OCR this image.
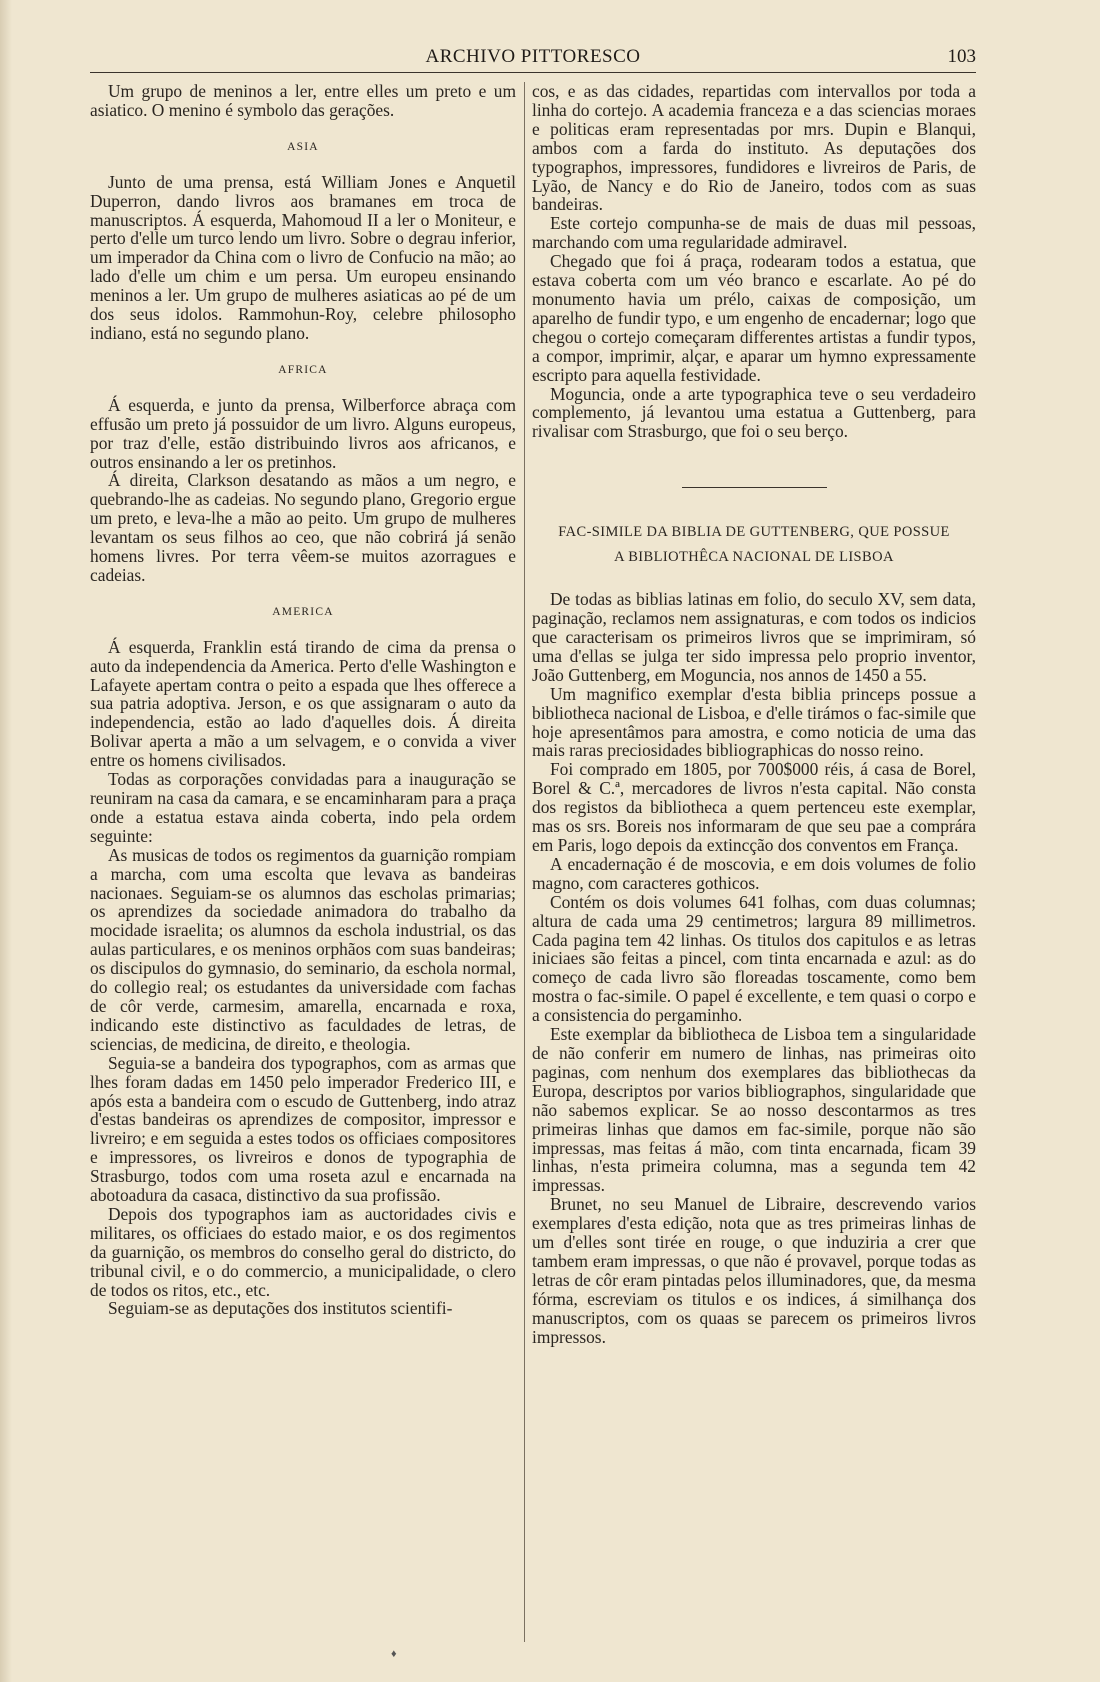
ARCHIVO PITTORESCO	103

Um grupo de meninos a ler, entre elles um preto e um asiatico. O menino é symbolo das gerações.

ASIA

Junto de uma prensa, está William Jones e Anquetil Duperron, dando livros aos bramanes em troca de manuscriptos. Á esquerda, Mahomoud II a ler o Moniteur, e perto d'elle um turco lendo um livro. Sobre o degrau inferior, um imperador da China com o livro de Confucio na mão; ao lado d'elle um chim e um persa. Um europeu ensinando meninos a ler. Um grupo de mulheres asiaticas ao pé de um dos seus idolos. Rammohun-Roy, celebre philosopho indiano, está no segundo plano.

AFRICA

Á esquerda, e junto da prensa, Wilberforce abraça com effusão um preto já possuidor de um livro. Alguns europeus, por traz d'elle, estão distribuindo livros aos africanos, e outros ensinando a ler os pretinhos.

Á direita, Clarkson desatando as mãos a um negro, e quebrando-lhe as cadeias. No segundo plano, Gregorio ergue um preto, e leva-lhe a mão ao peito. Um grupo de mulheres levantam os seus filhos ao ceo, que não cobrirá já senão homens livres. Por terra vêem-se muitos azorragues e cadeias.

AMERICA

Á esquerda, Franklin está tirando de cima da prensa o auto da independencia da America. Perto d'elle Washington e Lafayete apertam contra o peito a espada que lhes offerece a sua patria adoptiva. Jerson, e os que assignaram o auto da independencia, estão ao lado d'aquelles dois. Á direita Bolivar aperta a mão a um selvagem, e o convida a viver entre os homens civilisados.

Todas as corporações convidadas para a inauguração se reuniram na casa da camara, e se encaminharam para a praça onde a estatua estava ainda coberta, indo pela ordem seguinte:

As musicas de todos os regimentos da guarnição rompiam a marcha, com uma escolta que levava as bandeiras nacionaes. Seguiam-se os alumnos das escholas primarias; os aprendizes da sociedade animadora do trabalho da mocidade israelita; os alumnos da eschola industrial, os das aulas particulares, e os meninos orphãos com suas bandeiras; os discipulos do gymnasio, do seminario, da eschola normal, do collegio real; os estudantes da universidade com fachas de côr verde, carmesim, amarella, encarnada e roxa, indicando este distinctivo as faculdades de letras, de sciencias, de medicina, de direito, e theologia.

Seguia-se a bandeira dos typographos, com as armas que lhes foram dadas em 1450 pelo imperador Frederico III, e após esta a bandeira com o escudo de Guttenberg, indo atraz d'estas bandeiras os aprendizes de compositor, impressor e livreiro; e em seguida a estes todos os officiaes compositores e impressores, os livreiros e donos de typographia de Strasburgo, todos com uma roseta azul e encarnada na abotoadura da casaca, distinctivo da sua profissão.

Depois dos typographos iam as auctoridades civis e militares, os officiaes do estado maior, e os dos regimentos da guarnição, os membros do conselho geral do districto, do tribunal civil, e o do commercio, a municipalidade, o clero de todos os ritos, etc., etc.

Seguiam-se as deputações dos institutos scientifi-

cos, e as das cidades, repartidas com intervallos por toda a linha do cortejo. A academia franceza e a das sciencias moraes e politicas eram representadas por mrs. Dupin e Blanqui, ambos com a farda do instituto. As deputações dos typographos, impressores, fundidores e livreiros de Paris, de Lyão, de Nancy e do Rio de Janeiro, todos com as suas bandeiras.

Este cortejo compunha-se de mais de duas mil pessoas, marchando com uma regularidade admiravel.

Chegado que foi á praça, rodearam todos a estatua, que estava coberta com um véo branco e escarlate. Ao pé do monumento havia um prélo, caixas de composição, um aparelho de fundir typo, e um engenho de encadernar; logo que chegou o cortejo começaram differentes artistas a fundir typos, a compor, imprimir, alçar, e aparar um hymno expressamente escripto para aquella festividade.

Moguncia, onde a arte typographica teve o seu verdadeiro complemento, já levantou uma estatua a Guttenberg, para rivalisar com Strasburgo, que foi o seu berço.

FAC-SIMILE DA BIBLIA DE GUTTENBERG, QUE POSSUE
A BIBLIOTHÊCA NACIONAL DE LISBOA

De todas as biblias latinas em folio, do seculo XV, sem data, paginação, reclamos nem assignaturas, e com todos os indicios que caracterisam os primeiros livros que se imprimiram, só uma d'ellas se julga ter sido impressa pelo proprio inventor, João Guttenberg, em Moguncia, nos annos de 1450 a 55.

Um magnifico exemplar d'esta biblia princeps possue a bibliotheca nacional de Lisboa, e d'elle tirámos o fac-simile que hoje apresentâmos para amostra, e como noticia de uma das mais raras preciosidades bibliographicas do nosso reino.

Foi comprado em 1805, por 700$000 réis, á casa de Borel, Borel & C.ª, mercadores de livros n'esta capital. Não consta dos registos da bibliotheca a quem pertenceu este exemplar, mas os srs. Boreis nos informaram de que seu pae a comprára em Paris, logo depois da extincção dos conventos em França.

A encadernação é de moscovia, e em dois volumes de folio magno, com caracteres gothicos.

Contém os dois volumes 641 folhas, com duas columnas; altura de cada uma 29 centimetros; largura 89 millimetros. Cada pagina tem 42 linhas. Os titulos dos capitulos e as letras iniciaes são feitas a pincel, com tinta encarnada e azul: as do começo de cada livro são floreadas toscamente, como bem mostra o fac-simile. O papel é excellente, e tem quasi o corpo e a consistencia do pergaminho.

Este exemplar da bibliotheca de Lisboa tem a singularidade de não conferir em numero de linhas, nas primeiras oito paginas, com nenhum dos exemplares das bibliothecas da Europa, descriptos por varios bibliographos, singularidade que não sabemos explicar. Se ao nosso descontarmos as tres primeiras linhas que damos em fac-simile, porque não são impressas, mas feitas á mão, com tinta encarnada, ficam 39 linhas, n'esta primeira columna, mas a segunda tem 42 impressas.

Brunet, no seu Manuel de Libraire, descrevendo varios exemplares d'esta edição, nota que as tres primeiras linhas de um d'elles sont tirée en rouge, o que induziria a crer que tambem eram impressas, o que não é provavel, porque todas as letras de côr eram pintadas pelos illuminadores, que, da mesma fórma, escreviam os titulos e os indices, á similhança dos manuscriptos, com os quaas se parecem os primeiros livros impressos.

♦
